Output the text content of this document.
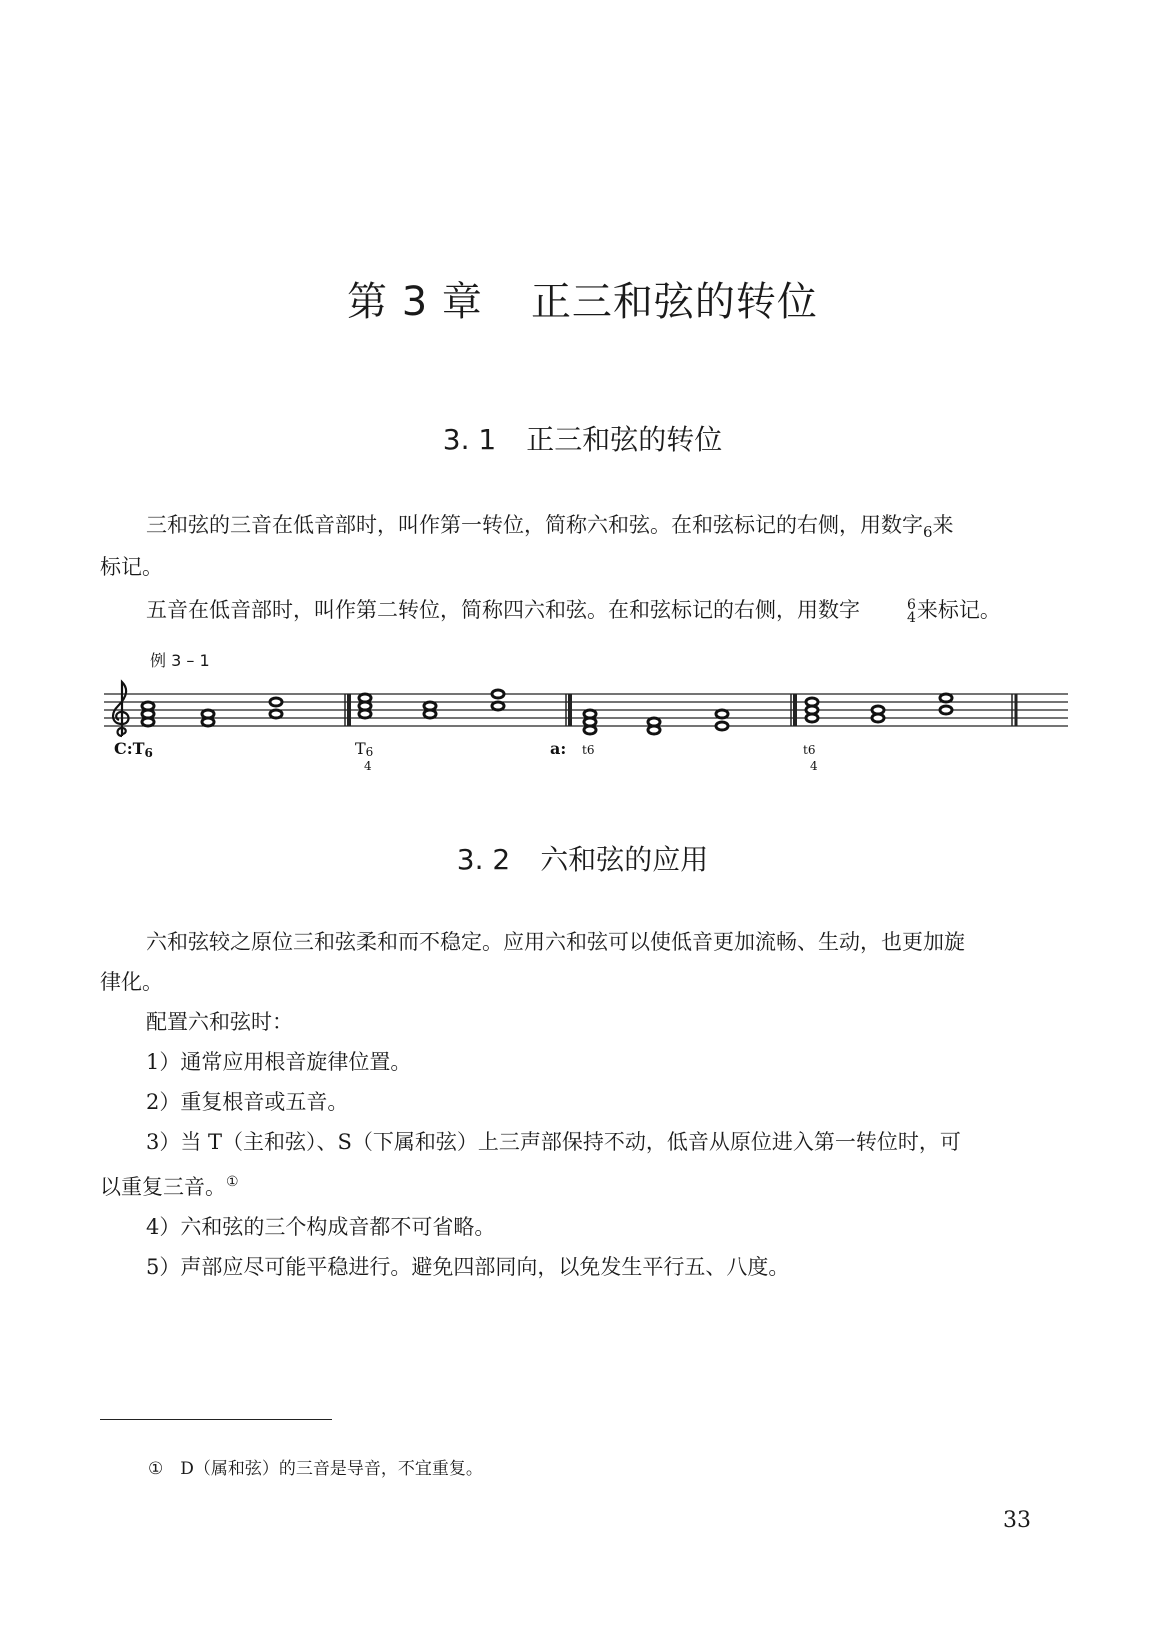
第 3 章 正三和弦的转位
3. 1 正三和弦的转位
三和弦的三音在低音部时，叫作第一转位，简称六和弦。在和弦标记的右侧，用数字$_6$来
标记。
五音在低音部时，叫作第二转位，简称四六和弦。在和弦标记的右侧，用数字	6
4 来标记。
例 3 – 1
C:T6	T6
4
a: t6	t6
4
3. 2 六和弦的应用
六和弦较之原位三和弦柔和而不稳定。应用六和弦可以使低音更加流畅、生动，也更加旋
律化。
配置六和弦时：
1）通常应用根音旋律位置。
2）重复根音或五音。
3）当 T（主和弦）、S（下属和弦）上三声部保持不动，低音从原位进入第一转位时，可
以重复三音。①
4）六和弦的三个构成音都不可省略。
5）声部应尽可能平稳进行。避免四部同向，以免发生平行五、八度。
①　D（属和弦）的三音是导音，不宜重复。
33
